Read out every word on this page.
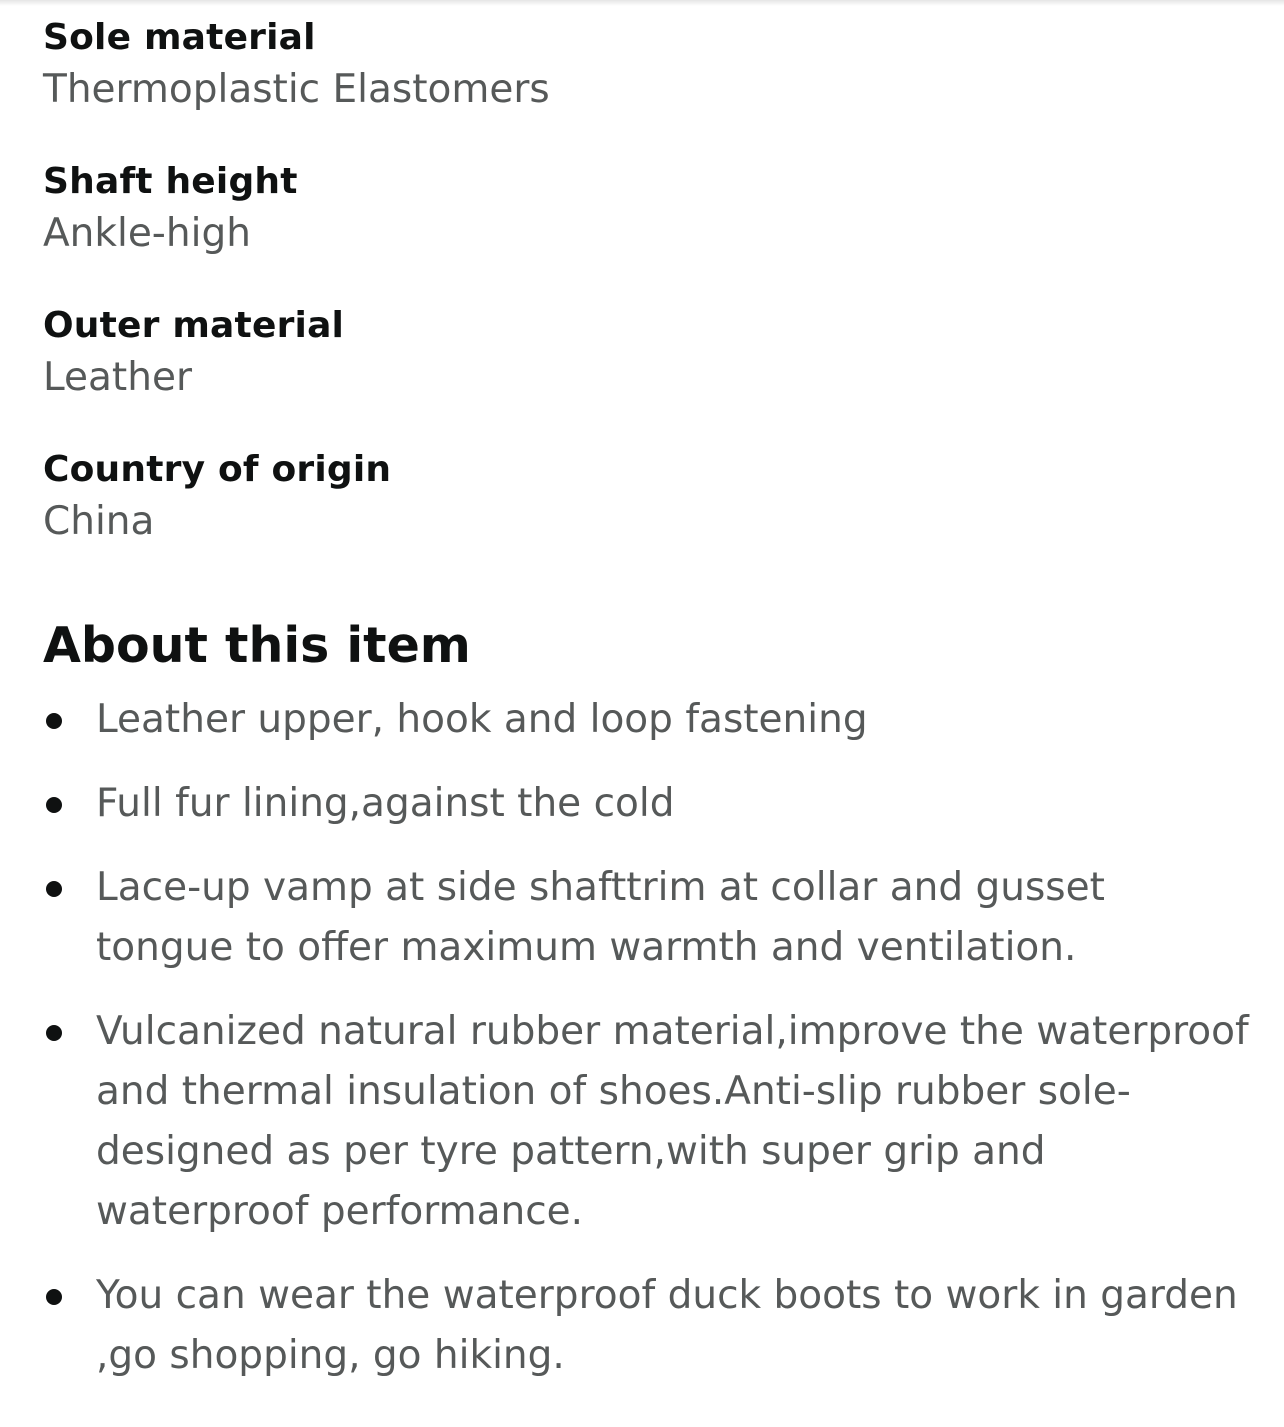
Sole material
Thermoplastic Elastomers
Shaft height
Ankle-high
Outer material
Leather
Country of origin
China
About this item
Leather upper, hook and loop fastening
Full fur lining,against the cold
Lace-up vamp at side shafttrim at collar and gusset tongue to offer maximum warmth and ventilation.
Vulcanized natural rubber material,improve the waterproof and thermal insulation of shoes.Anti-slip rubber sole-designed as per tyre pattern,with super grip and waterproof performance.
You can wear the waterproof duck boots to work in garden ,go shopping, go hiking.
